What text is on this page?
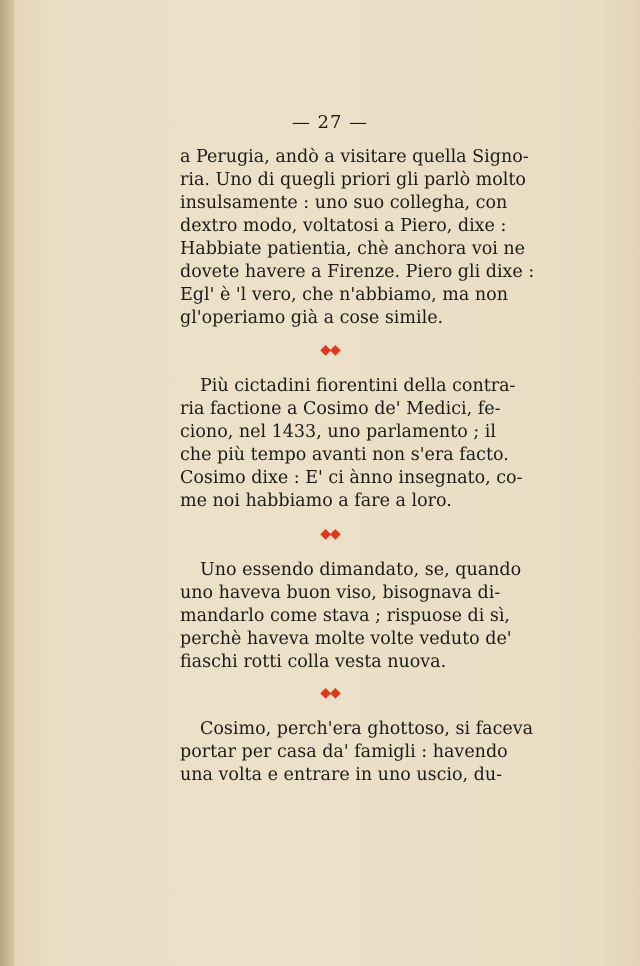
— 27 —
a Perugia, andò a visitare quella Signo-
ria. Uno di quegli priori gli parlò molto
insulsamente : uno suo collegha, con
dextro modo, voltatosi a Piero, dixe :
Habbiate patientia, chè anchora voi ne
dovete havere a Firenze. Piero gli dixe :
Egl' è 'l vero, che n'abbiamo, ma non
gl'operiamo già a cose simile.
◆◆
Più cictadini fiorentini della contra-
ria factione a Cosimo de' Medici, fe-
ciono, nel 1433, uno parlamento ; il
che più tempo avanti non s'era facto.
Cosimo dixe : E' ci ànno insegnato, co-
me noi habbiamo a fare a loro.
◆◆
Uno essendo dimandato, se, quando
uno haveva buon viso, bisognava di-
mandarlo come stava ; rispuose di sì,
perchè haveva molte volte veduto de'
fiaschi rotti colla vesta nuova.
◆◆
Cosimo, perch'era ghottoso, si faceva
portar per casa da' famigli : havendo
una volta e entrare in uno uscio, du-
